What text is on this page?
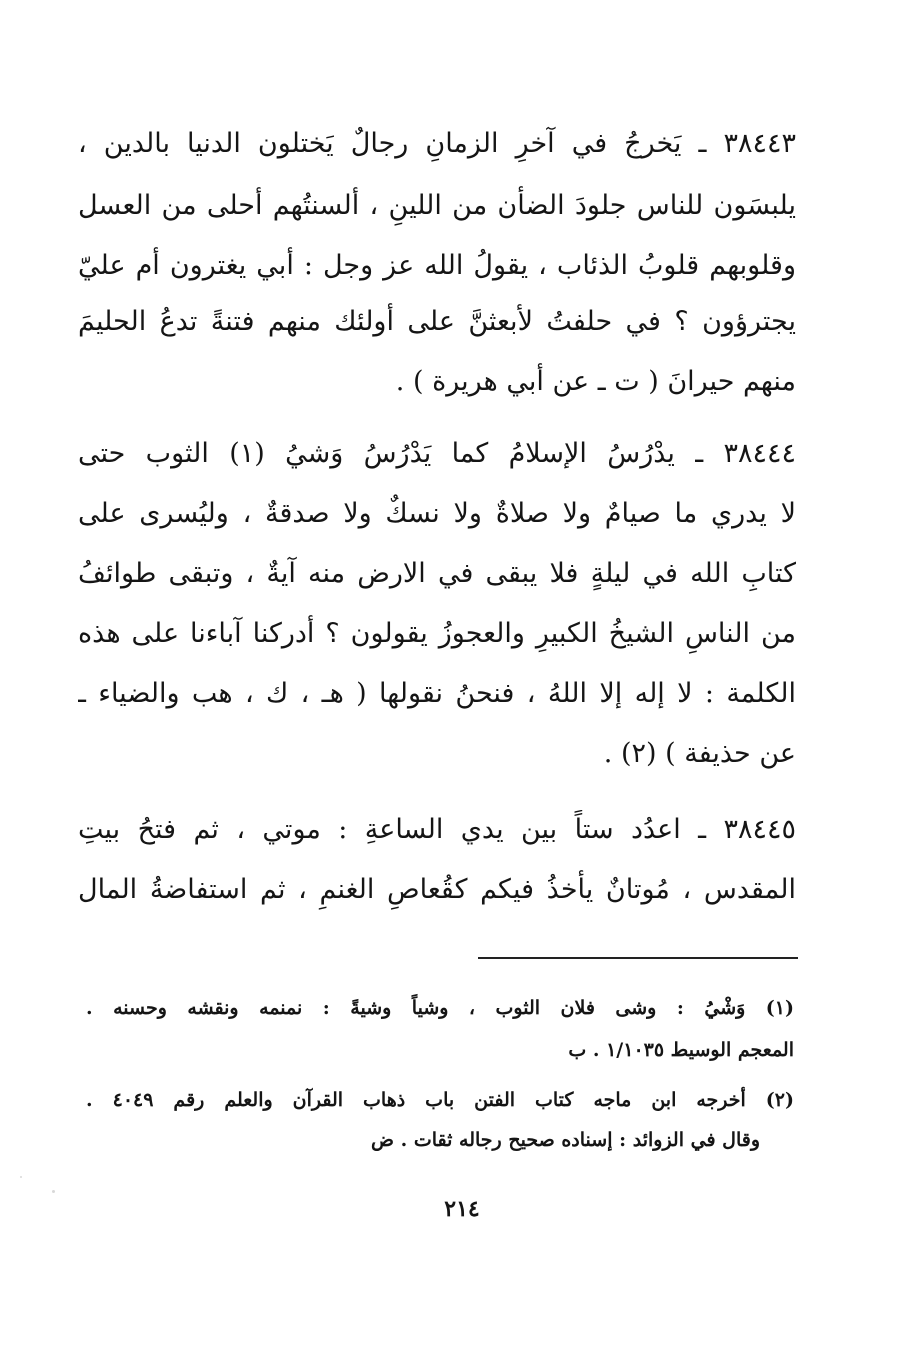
٣٨٤٤٣ ـ يَخرجُ في آخرِ الزمانِ رجالٌ يَختلون الدنيا بالدين ،
يلبسَون للناس جلودَ الضأن من اللينِ ، ألسنتُهم أحلى من العسل
وقلوبهم قلوبُ الذئاب ، يقولُ الله عز وجل : أبي يغترون أم عليّ
يجترؤون ؟ في حلفتُ لأبعثنَّ على أولئك منهم فتنةً تدعُ الحليمَ
منهم حيرانَ ( ت ـ عن أبي هريرة ) .
٣٨٤٤٤ ـ يدْرُسُ الإسلامُ كما يَدْرُسُ وَشيُ (١) الثوب حتى
لا يدري ما صيامٌ ولا صلاةٌ ولا نسكٌ ولا صدقةٌ ، وليُسرى على
كتابِ الله في ليلةٍ فلا يبقى في الارض منه آيةٌ ، وتبقى طوائفُ
من الناسِ الشيخُ الكبيرِ والعجوزُ يقولون ؟ أدركنا آباءنا على هذه
الكلمة : لا إله إلا اللهُ ، فنحنُ نقولها ( هـ ، ك ، هب والضياء ـ
عن حذيفة ) (٢) .
٣٨٤٤٥ ـ اعدُد ستاً بين يدي الساعةِ : موتي ، ثم فتحُ بيتِ
المقدس ، مُوتانٌ يأخذُ فيكم كقُعاصِ الغنمِ ، ثم استفاضةُ المال
(١) وَشْيُ : وشى فلان الثوب ، وشياً وشيةً : نمنمه ونقشه وحسنه .
المعجم الوسيط ١/١٠٣٥ . ب
(٢) أخرجه ابن ماجه كتاب الفتن باب ذهاب القرآن والعلم رقم ٤٠٤٩ .
وقال في الزوائد : إسناده صحيح رجاله ثقات . ض
٢١٤
